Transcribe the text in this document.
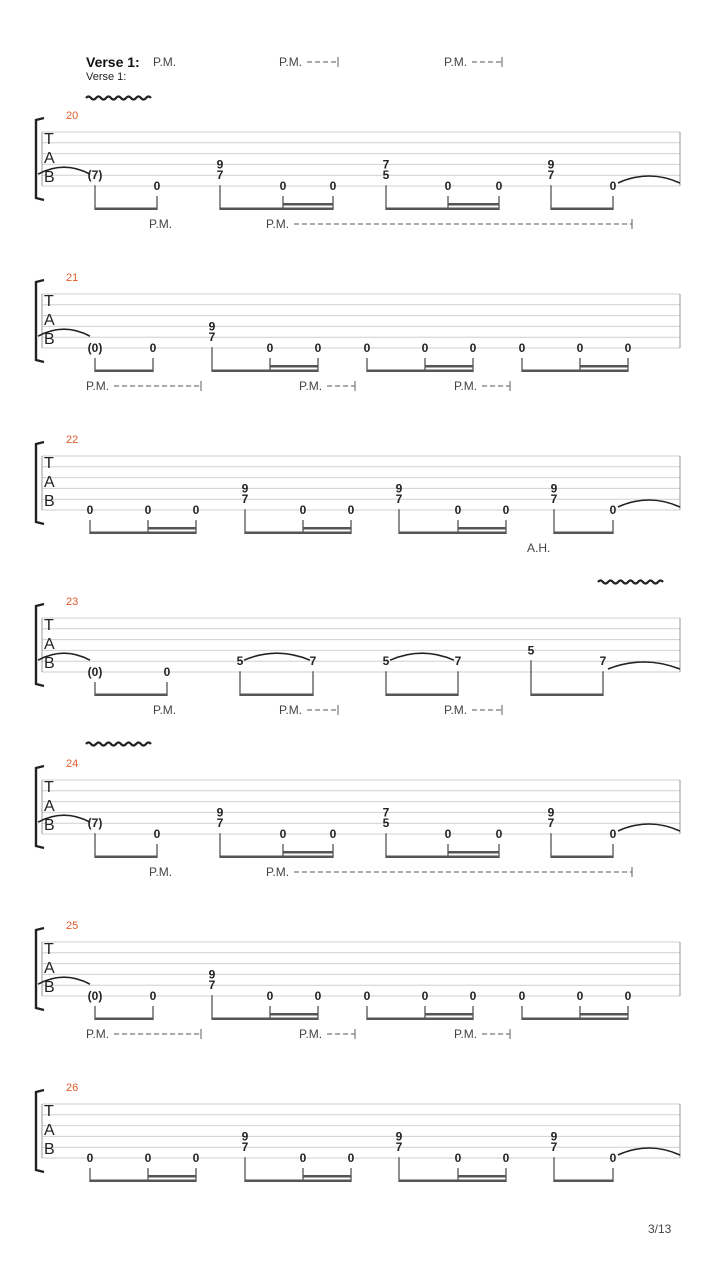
Verse 1:
Verse 1:
20
T
A
B
P.M.	P.M.	P.M.
(7)
0
9
7
0	0
7
5
0	0
9
7
0
21
T
A
B
P.M.	P.M.
(0)	0
9
7
0	0	0	0	0	0	0	0
22
T
A
B
P.M.	P.M.	P.M.
0	0	0
9
7
0	0
9
7
0	0
9
7
0
23
T
A
B
A.H.
(0)	0
5	7	5	7
5
7
24
T
A
B
P.M.	P.M.	P.M.
(7)
0
9
7
0	0
7
5
0	0
9
7
0
25
T
A
B
P.M.	P.M.
(0)	0
9
7
0	0	0	0	0	0	0	0
26
T
A
B
P.M.	P.M.	P.M.
0	0	0
9
7
0	0
9
7
0	0
9
7
0
3/13
